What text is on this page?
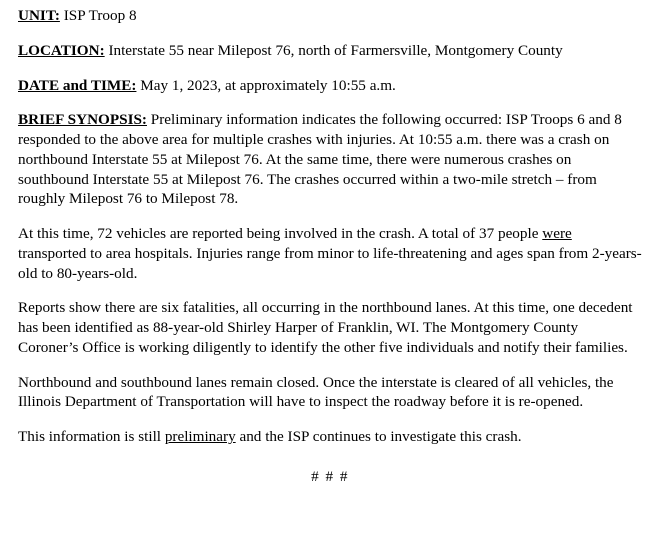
UNIT: ISP Troop 8

LOCATION: Interstate 55 near Milepost 76, north of Farmersville, Montgomery County

DATE and TIME: May 1, 2023, at approximately 10:55 a.m.

BRIEF SYNOPSIS: Preliminary information indicates the following occurred: ISP Troops 6 and 8 responded to the above area for multiple crashes with injuries. At 10:55 a.m. there was a crash on northbound Interstate 55 at Milepost 76. At the same time, there were numerous crashes on southbound Interstate 55 at Milepost 76. The crashes occurred within a two-mile stretch – from roughly Milepost 76 to Milepost 78.

At this time, 72 vehicles are reported being involved in the crash. A total of 37 people were transported to area hospitals. Injuries range from minor to life-threatening and ages span from 2-years-old to 80-years-old.

Reports show there are six fatalities, all occurring in the northbound lanes. At this time, one decedent has been identified as 88-year-old Shirley Harper of Franklin, WI. The Montgomery County Coroner’s Office is working diligently to identify the other five individuals and notify their families.

Northbound and southbound lanes remain closed. Once the interstate is cleared of all vehicles, the Illinois Department of Transportation will have to inspect the roadway before it is re-opened.

This information is still preliminary and the ISP continues to investigate this crash.

# # #
